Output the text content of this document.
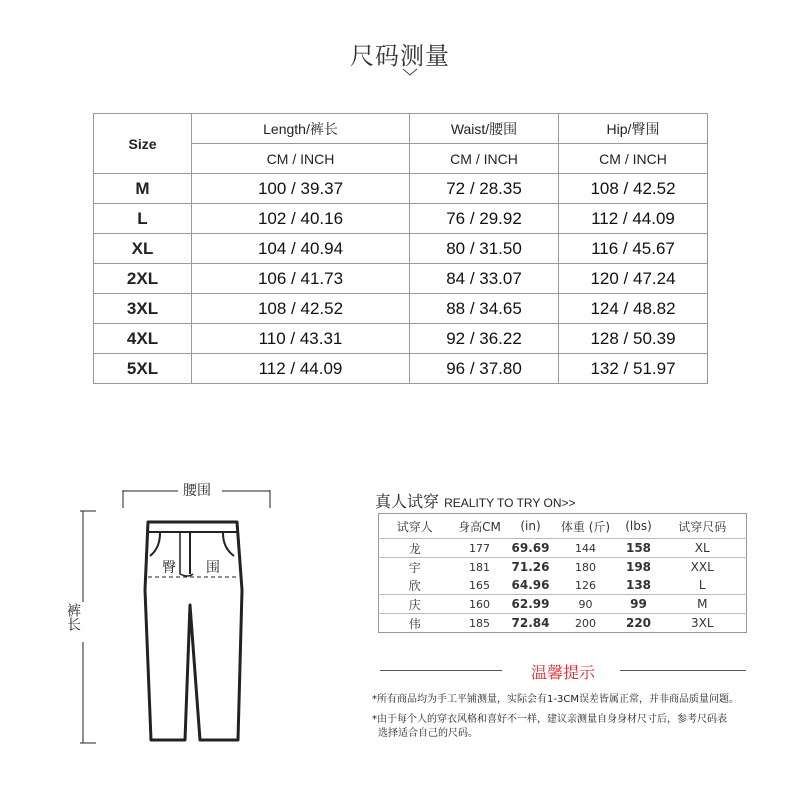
尺码测量
Size	Length/裤长	Waist/腰围	Hip/臀围
	CM / INCH	CM / INCH	CM / INCH
M	100 / 39.37	72 / 28.35	108 / 42.52
L	102 / 40.16	76 / 29.92	112 / 44.09
XL	104 / 40.94	80 / 31.50	116 / 45.67
2XL	106 / 41.73	84 / 33.07	120 / 47.24
3XL	108 / 42.52	88 / 34.65	124 / 48.82
4XL	110 / 43.31	92 / 36.22	128 / 50.39
5XL	112 / 44.09	96 / 37.80	132 / 51.97
腰围
臀 围
裤长
真人试穿 REALITY TO TRY ON>>
试穿人	身高CM	(in)	体重 (斤)	(lbs)	试穿尺码
龙	177	69.69	144	158	XL
宇	181	71.26	180	198	XXL
欣	165	64.96	126	138	L
庆	160	62.99	90	99	M
伟	185	72.84	200	220	3XL
温馨提示
*所有商品均为手工平铺测量，实际会有1-3CM误差皆属正常，并非商品质量问题。
*由于每个人的穿衣风格和喜好不一样，建议亲测量自身身材尺寸后，参考尺码表
选择适合自己的尺码。
